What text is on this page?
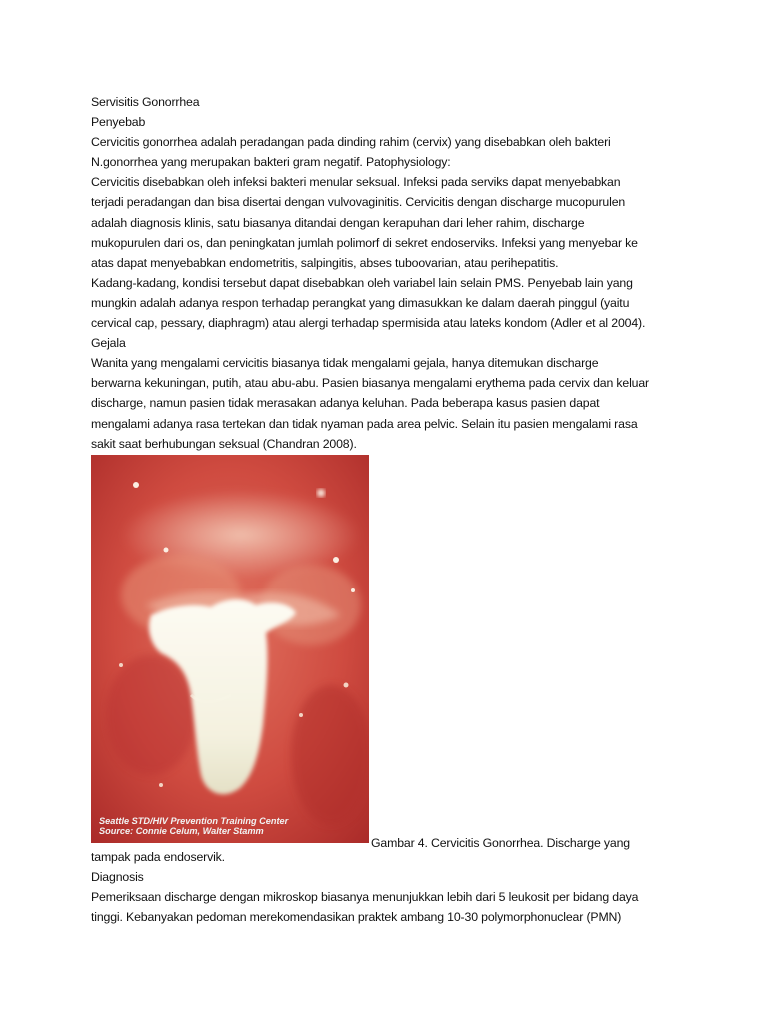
Servisitis Gonorrhea
Penyebab
Cervicitis gonorrhea adalah peradangan pada dinding rahim (cervix) yang disebabkan oleh bakteri
N.gonorrhea yang merupakan bakteri gram negatif. Patophysiology:
Cervicitis disebabkan oleh infeksi bakteri menular seksual. Infeksi pada serviks dapat menyebabkan
terjadi peradangan dan bisa disertai dengan vulvovaginitis. Cervicitis dengan discharge mucopurulen
adalah diagnosis klinis, satu biasanya ditandai dengan kerapuhan dari leher rahim, discharge
mukopurulen dari os, dan peningkatan jumlah polimorf di sekret endoserviks. Infeksi yang menyebar ke
atas dapat menyebabkan endometritis, salpingitis, abses tuboovarian, atau perihepatitis.
Kadang-kadang, kondisi tersebut dapat disebabkan oleh variabel lain selain PMS. Penyebab lain yang
mungkin adalah adanya respon terhadap perangkat yang dimasukkan ke dalam daerah pinggul (yaitu
cervical cap, pessary, diaphragm) atau alergi terhadap spermisida atau lateks kondom (Adler et al 2004).
Gejala
Wanita yang mengalami cervicitis biasanya tidak mengalami gejala, hanya ditemukan discharge
berwarna kekuningan, putih, atau abu-abu. Pasien biasanya mengalami erythema pada cervix dan keluar
discharge, namun pasien tidak merasakan adanya keluhan. Pada beberapa kasus pasien dapat
mengalami adanya rasa tertekan dan tidak nyaman pada area pelvic. Selain itu pasien mengalami rasa
sakit saat berhubungan seksual (Chandran 2008).
Seattle STD/HIV Prevention Training Center
Source: Connie Celum, Walter Stamm
Gambar 4. Cervicitis Gonorrhea. Discharge yang
tampak pada endoservik.
Diagnosis
Pemeriksaan discharge dengan mikroskop biasanya menunjukkan lebih dari 5 leukosit per bidang daya
tinggi. Kebanyakan pedoman merekomendasikan praktek ambang 10-30 polymorphonuclear (PMN)
